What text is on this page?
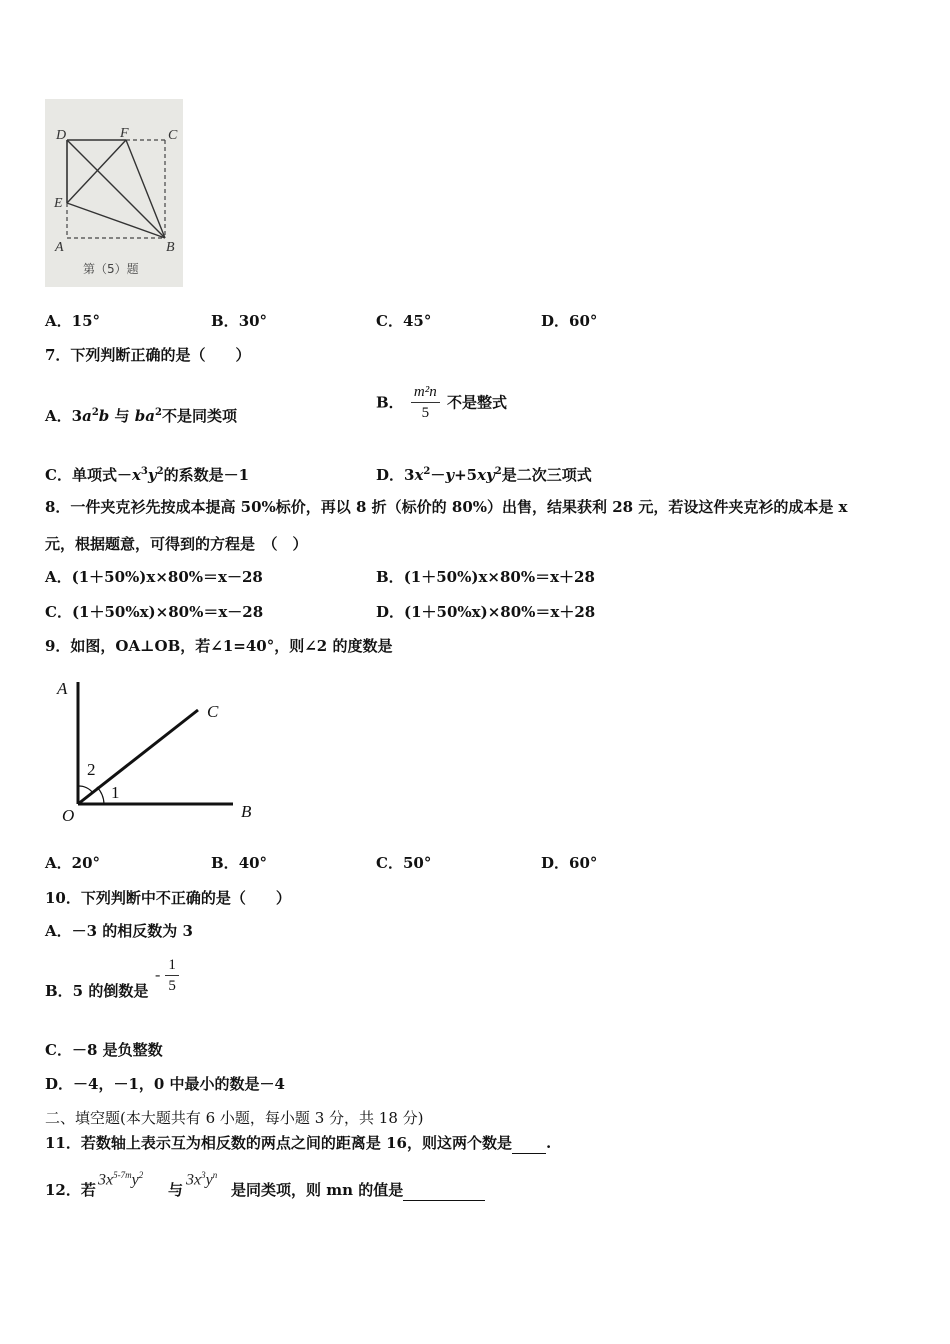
D	F	C
E
A	B
第（5）题
A．15°	B．30°	C．45°	D．60°
7．下列判断正确的是（　　）
A．$3a^2b$ 与 $ba^2$不是同类项
B． $\frac{\text{m²n}}{5}$ 不是整式
C．单项式$-x^3y^2$的系数是－1	D．$3x^2-y+5xy^2$是二次三项式
8．一件夹克衫先按成本提高 50%标价，再以 8 折（标价的 80%）出售，结果获利 28 元，若设这件夹克衫的成本是 x
元，根据题意，可得到的方程是　（　）
A．(1＋50%)x×80%＝x－28	B．(1＋50%)x×80%＝x＋28
C．(1＋50%x)×80%＝x－28	D．(1＋50%x)×80%＝x＋28
9．如图，OA⊥OB，若∠1=40°，则∠2 的度数是
A
C
O	B
2
1
A．20°	B．40°	C．50°	D．60°
10．下列判断中不正确的是（　　）
A．－3 的相反数为 3
B．5 的倒数是
- $\frac{1}{5}$
C．－8 是负整数
D．－4，－1，0 中最小的数是－4
二、填空题(本大题共有 6 小题，每小题 3 分，共 18 分)
11．若数轴上表示互为相反数的两点之间的距离是 16，则这两个数是 .
12．若
$3x^{5-7m}y^2$
与
$3x^3y^n$
是同类项，则 mn 的值是
